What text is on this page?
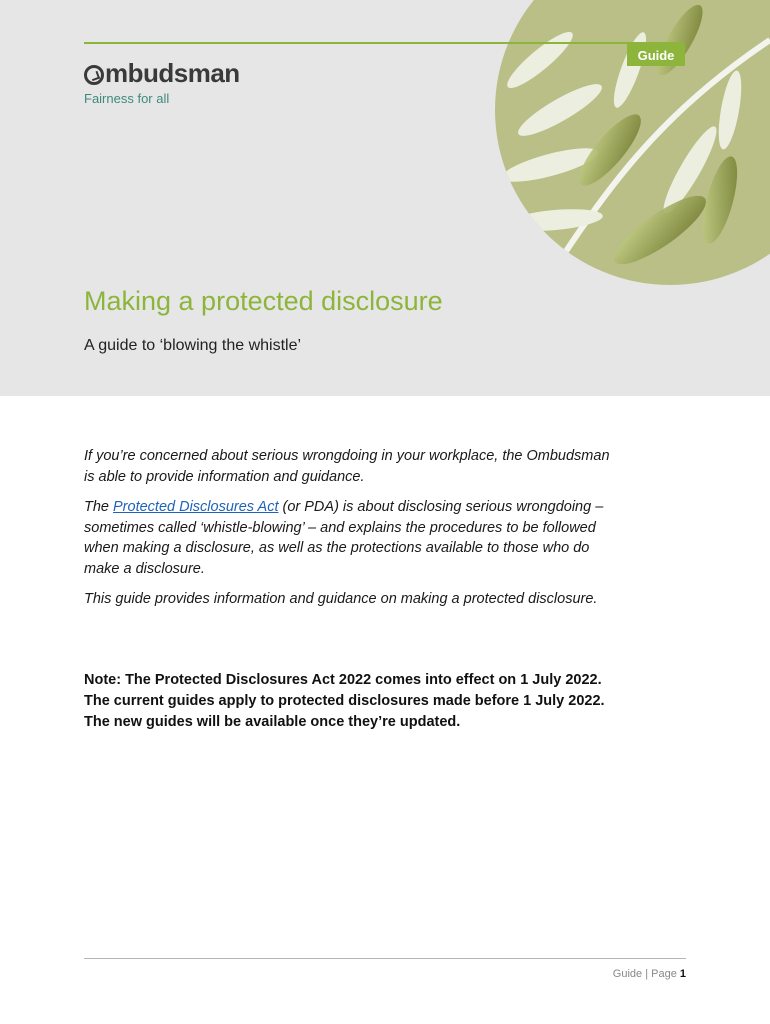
Guide
mbudsman
Fairness for all
Making a protected disclosure
A guide to ‘blowing the whistle’

If you’re concerned about serious wrongdoing in your workplace, the Ombudsman is able to provide information and guidance.

The Protected Disclosures Act (or PDA) is about disclosing serious wrongdoing – sometimes called ‘whistle-blowing’ – and explains the procedures to be followed when making a disclosure, as well as the protections available to those who do make a disclosure.

This guide provides information and guidance on making a protected disclosure.

Note: The Protected Disclosures Act 2022 comes into effect on 1 July 2022. The current guides apply to protected disclosures made before 1 July 2022. The new guides will be available once they’re updated.
Guide | Page 1
